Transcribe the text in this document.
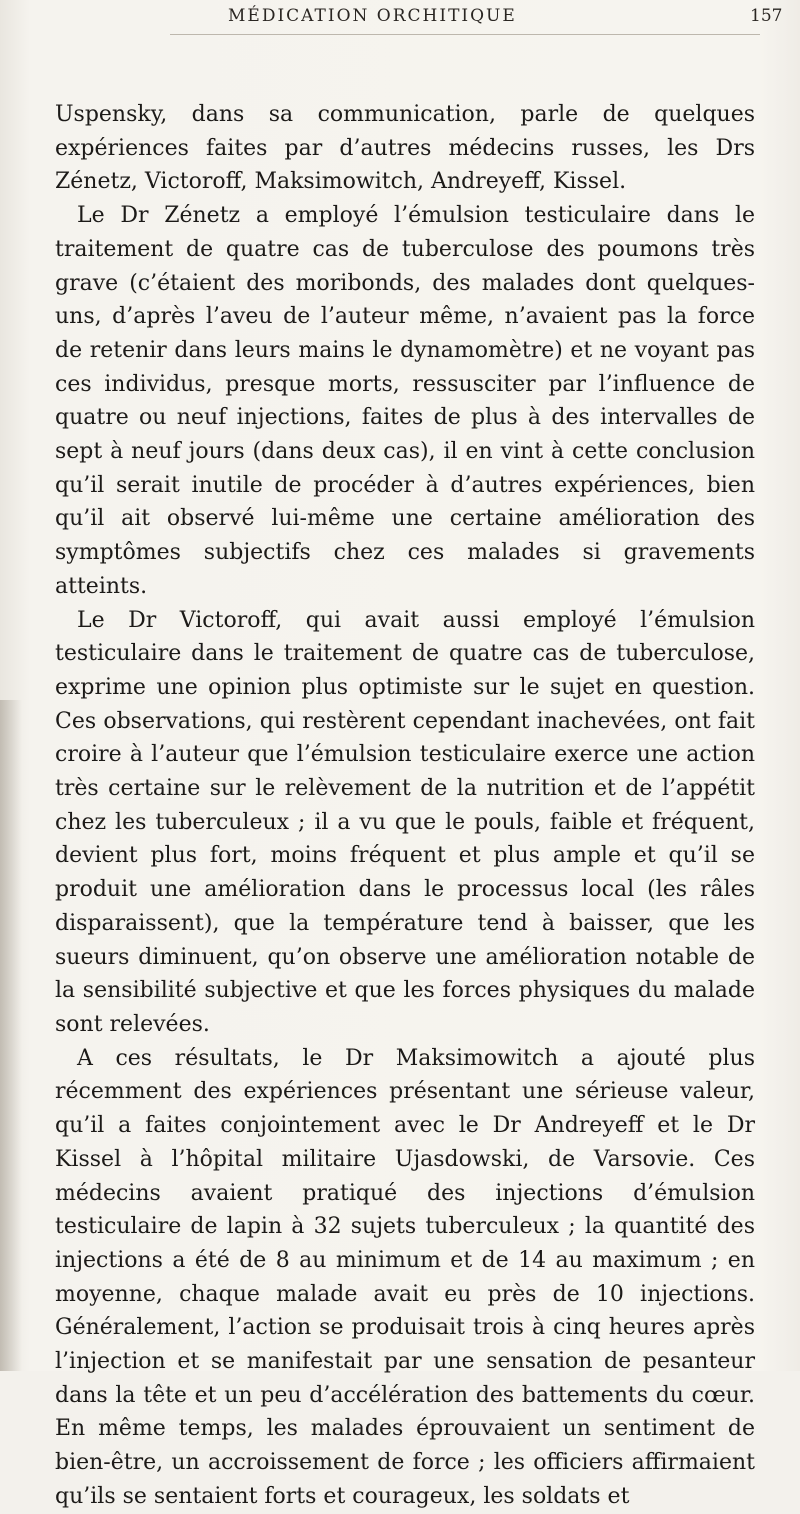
MÉDICATION ORCHITIQUE	157

Uspensky, dans sa communication, parle de quelques expériences faites par d’autres médecins russes, les Drs Zénetz, Victoroff, Maksimowitch, Andreyeff, Kissel.

Le Dr Zénetz a employé l’émulsion testiculaire dans le traitement de quatre cas de tuberculose des poumons très grave (c’étaient des moribonds, des malades dont quelques-uns, d’après l’aveu de l’auteur même, n’avaient pas la force de retenir dans leurs mains le dynamomètre) et ne voyant pas ces individus, presque morts, ressusciter par l’influence de quatre ou neuf injections, faites de plus à des intervalles de sept à neuf jours (dans deux cas), il en vint à cette conclusion qu’il serait inutile de procéder à d’autres expériences, bien qu’il ait observé lui-même une certaine amélioration des symptômes subjectifs chez ces malades si gravements atteints.

Le Dr Victoroff, qui avait aussi employé l’émulsion testiculaire dans le traitement de quatre cas de tuberculose, exprime une opinion plus optimiste sur le sujet en question. Ces observations, qui restèrent cependant inachevées, ont fait croire à l’auteur que l’émulsion testiculaire exerce une action très certaine sur le relèvement de la nutrition et de l’appétit chez les tuberculeux ; il a vu que le pouls, faible et fréquent, devient plus fort, moins fréquent et plus ample et qu’il se produit une amélioration dans le processus local (les râles disparaissent), que la température tend à baisser, que les sueurs diminuent, qu’on observe une amélioration notable de la sensibilité subjective et que les forces physiques du malade sont relevées.

A ces résultats, le Dr Maksimowitch a ajouté plus récemment des expériences présentant une sérieuse valeur, qu’il a faites conjointement avec le Dr Andreyeff et le Dr Kissel à l’hôpital militaire Ujasdowski, de Varsovie. Ces médecins avaient pratiqué des injections d’émulsion testiculaire de lapin à 32 sujets tuberculeux ; la quantité des injections a été de 8 au minimum et de 14 au maximum ; en moyenne, chaque malade avait eu près de 10 injections. Généralement, l’action se produisait trois à cinq heures après l’injection et se manifestait par une sensation de pesanteur dans la tête et un peu d’accélération des battements du cœur. En même temps, les malades éprouvaient un sentiment de bien-être, un accroissement de force ; les officiers affirmaient qu’ils se sentaient forts et courageux, les soldats et
